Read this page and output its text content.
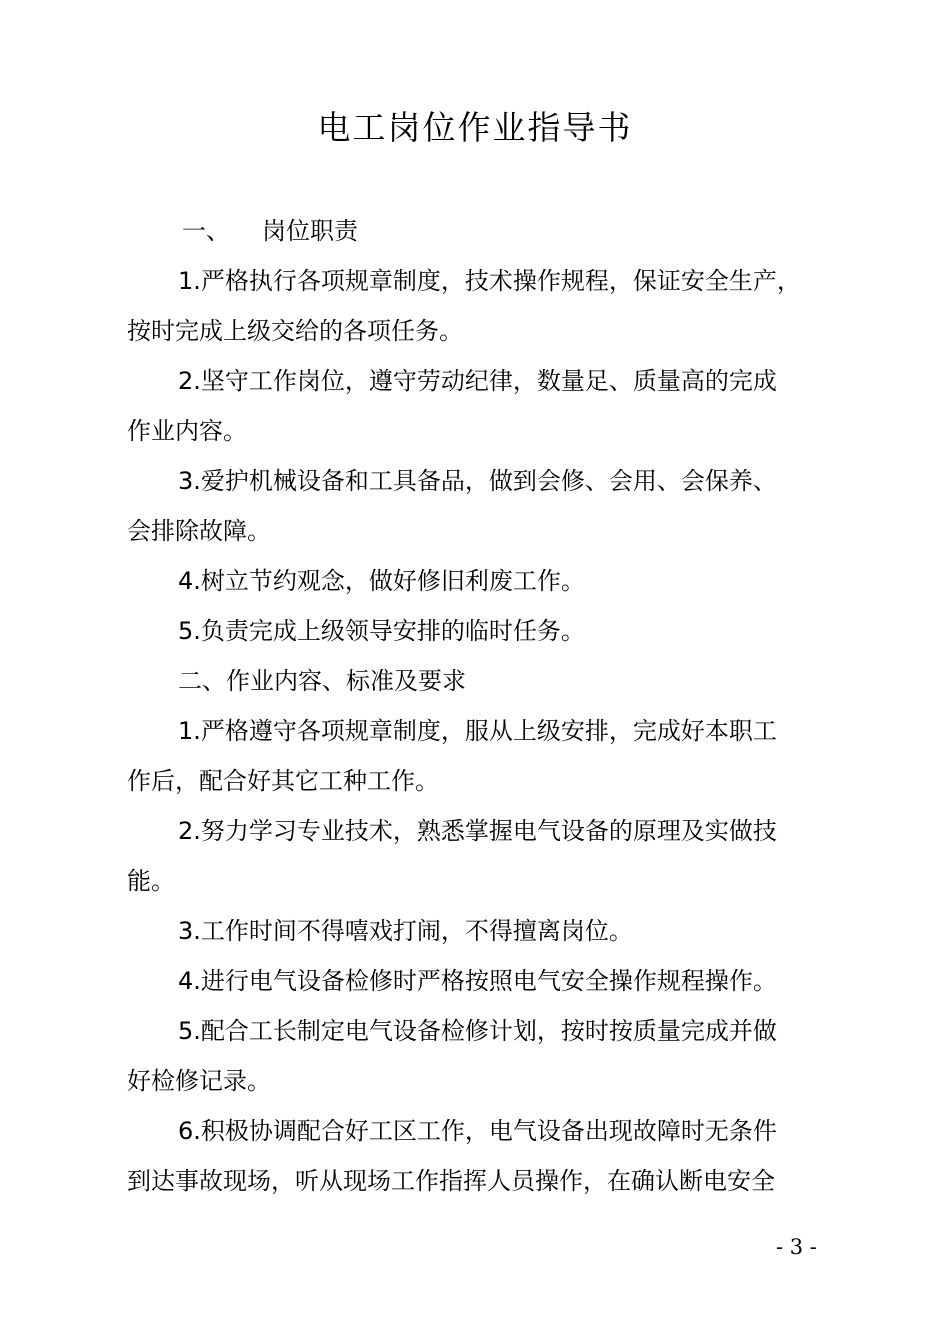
电工岗位作业指导书
一、 岗位职责
1.严格执行各项规章制度，技术操作规程，保证安全生产，
按时完成上级交给的各项任务。
2.坚守工作岗位，遵守劳动纪律，数量足、质量高的完成
作业内容。
3.爱护机械设备和工具备品，做到会修、会用、会保养、
会排除故障。
4.树立节约观念，做好修旧利废工作。
5.负责完成上级领导安排的临时任务。
二、作业内容、标准及要求
1.严格遵守各项规章制度，服从上级安排，完成好本职工
作后，配合好其它工种工作。
2.努力学习专业技术，熟悉掌握电气设备的原理及实做技
能。
3.工作时间不得嘻戏打闹，不得擅离岗位。
4.进行电气设备检修时严格按照电气安全操作规程操作。
5.配合工长制定电气设备检修计划，按时按质量完成并做
好检修记录。
6.积极协调配合好工区工作，电气设备出现故障时无条件
到达事故现场，听从现场工作指挥人员操作，在确认断电安全
- 3 -
